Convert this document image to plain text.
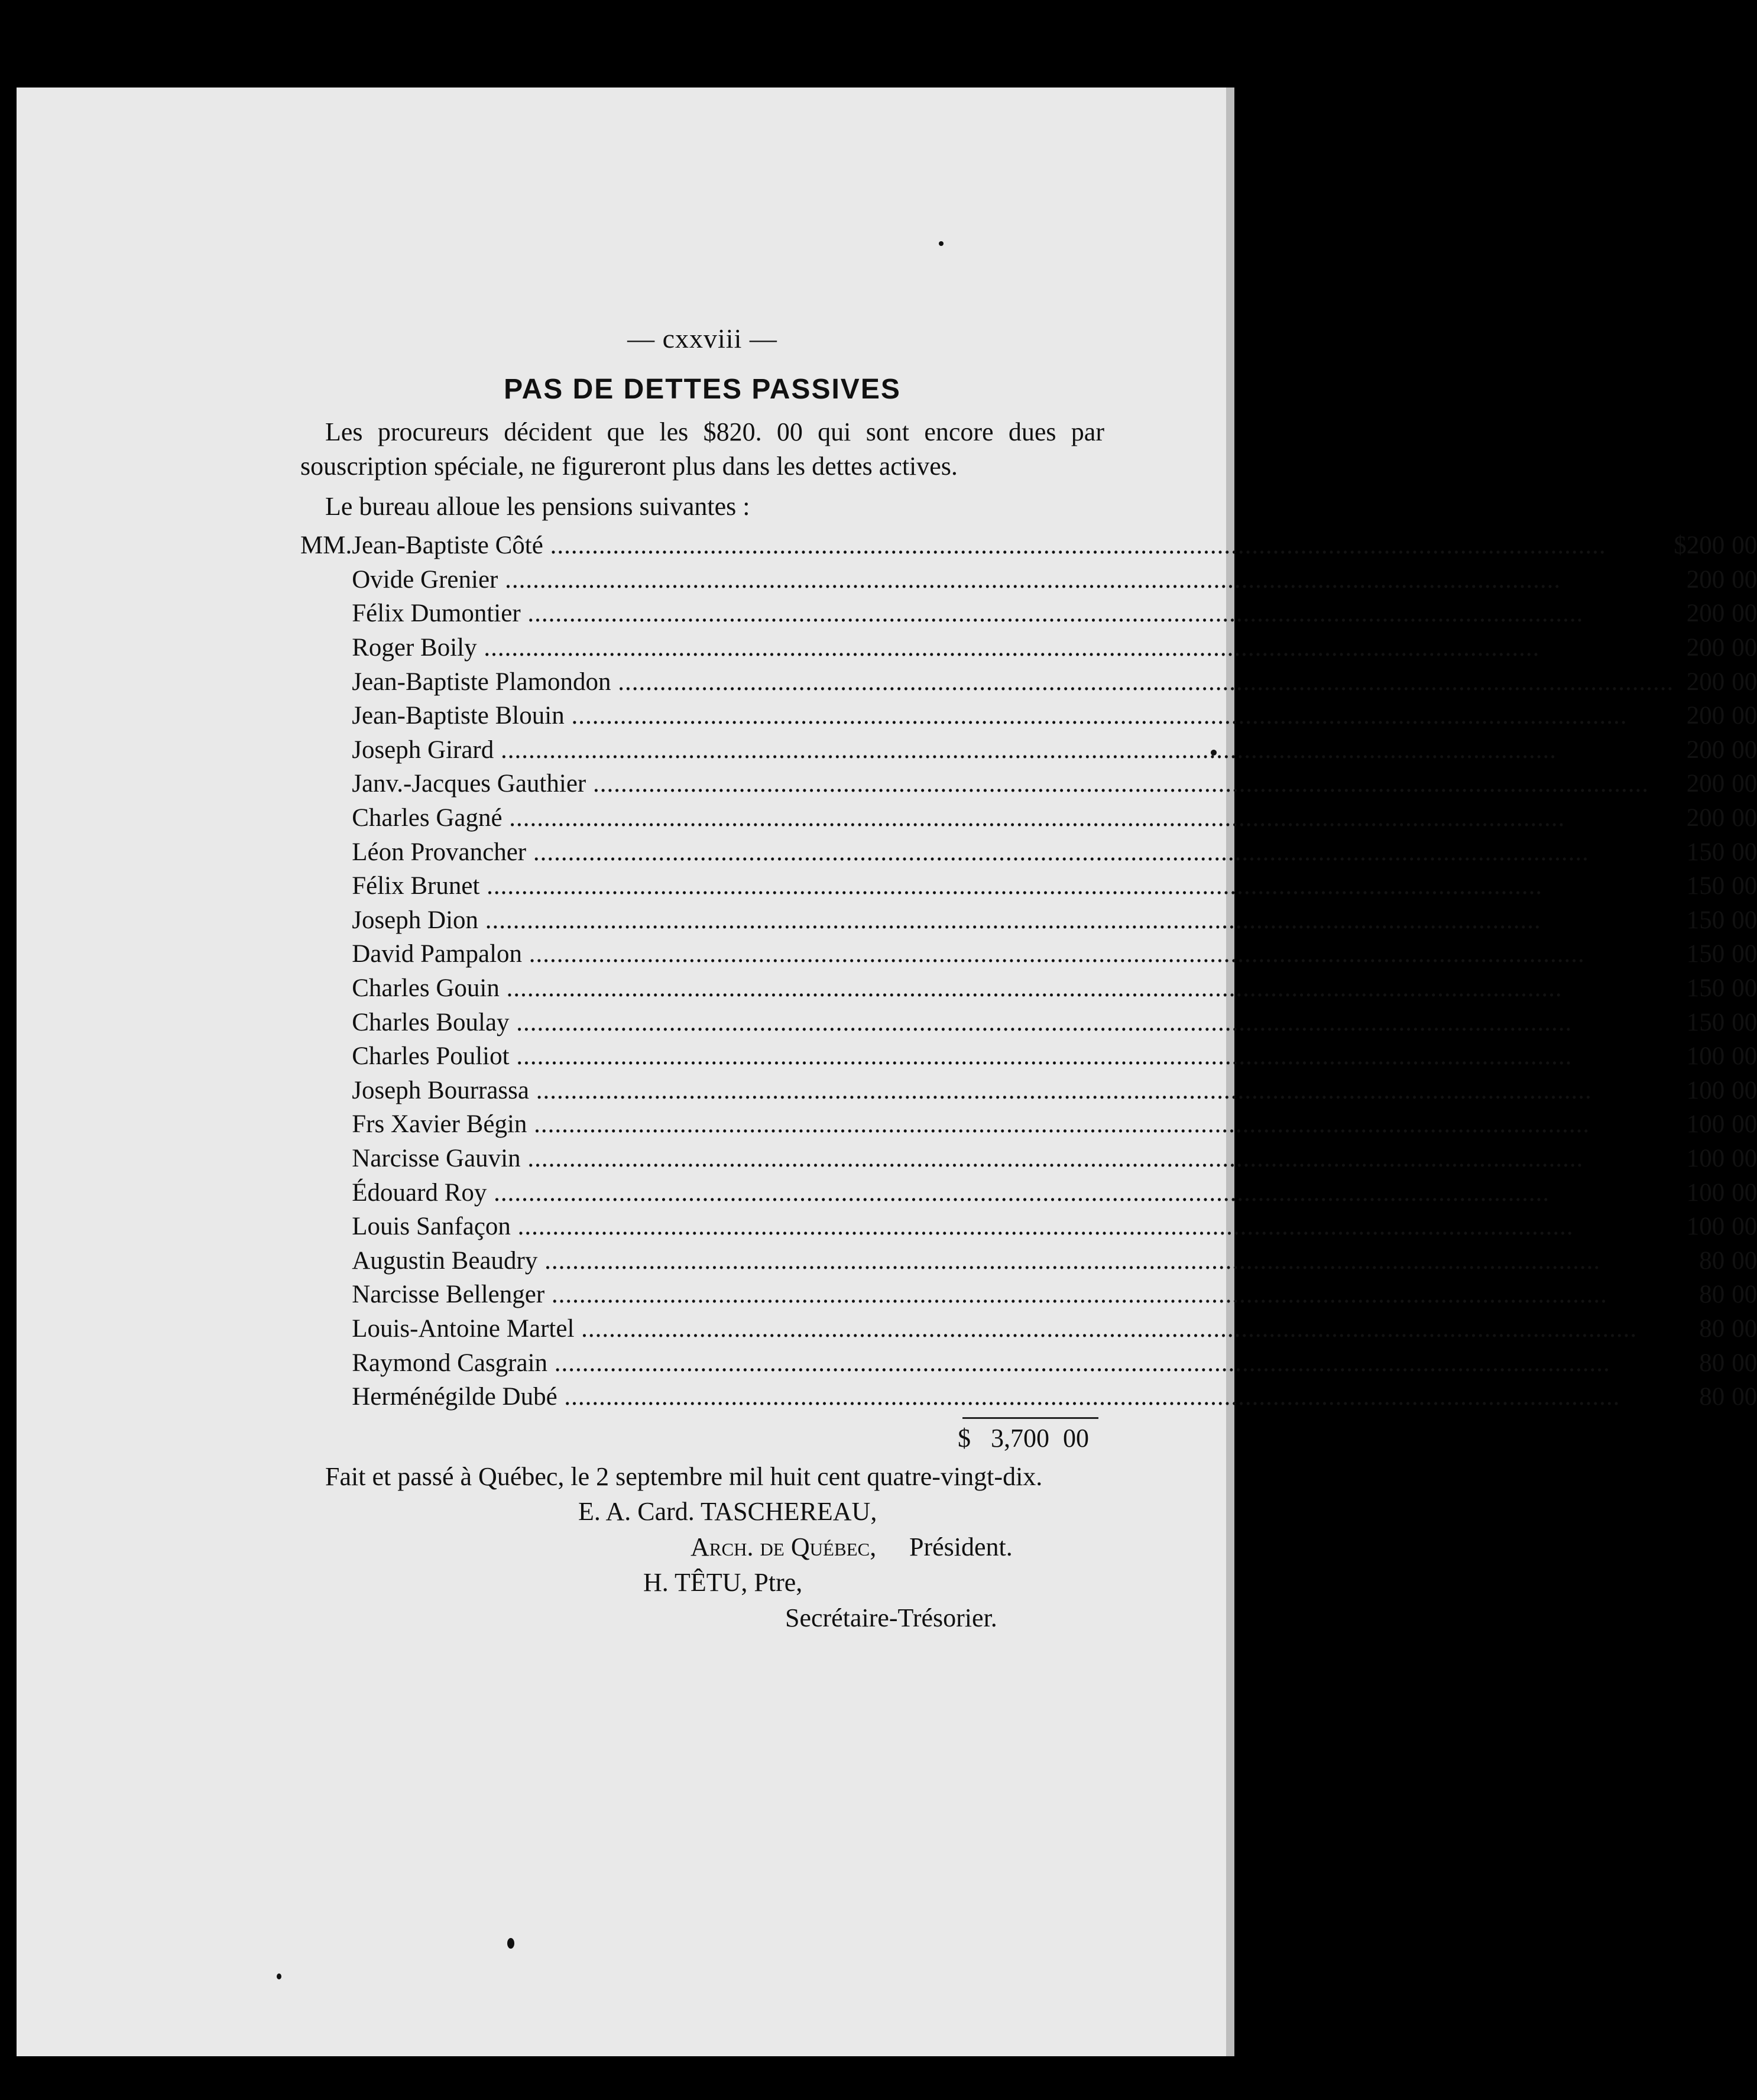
— cxxviii —
PAS DE DETTES PASSIVES
Les procureurs décident que les $820. 00 qui sont encore dues par souscription spéciale, ne figureront plus dans les dettes actives.
Le bureau alloue les pensions suivantes :
MM.	Jean-Baptiste Côté .....	$	200	00
	Ovide Grenier .....		200	00
	Félix Dumontier .....		200	00
	Roger Boily .....		200	00
	Jean-Baptiste Plamondon .....		200	00
	Jean-Baptiste Blouin .....		200	00
	Joseph Girard .....		200	00
	Janv.-Jacques Gauthier .....		200	00
	Charles Gagné .....		200	00
	Léon Provancher .....		150	00
	Félix Brunet .....		150	00
	Joseph Dion .....		150	00
	David Pampalon .....		150	00
	Charles Gouin .....		150	00
	Charles Boulay .....		150	00
	Charles Pouliot .....		100	00
	Joseph Bourrassa .....		100	00
	Frs Xavier Bégin .....		100	00
	Narcisse Gauvin .....		100	00
	Édouard Roy .....		100	00
	Louis Sanfaçon .....		100	00
	Augustin Beaudry .....		80	00
	Narcisse Bellenger .....		80	00
	Louis-Antoine Martel .....		80	00
	Raymond Casgrain .....		80	00
	Herménégilde Dubé .....		80	00
$ 3,700 00
Fait et passé à Québec, le 2 septembre mil huit cent quatre-vingt-dix.
E. A. Card. TASCHEREAU,
Arch. de Québec, Président.
H. TÊTU, Ptre,
Secrétaire-Trésorier.
